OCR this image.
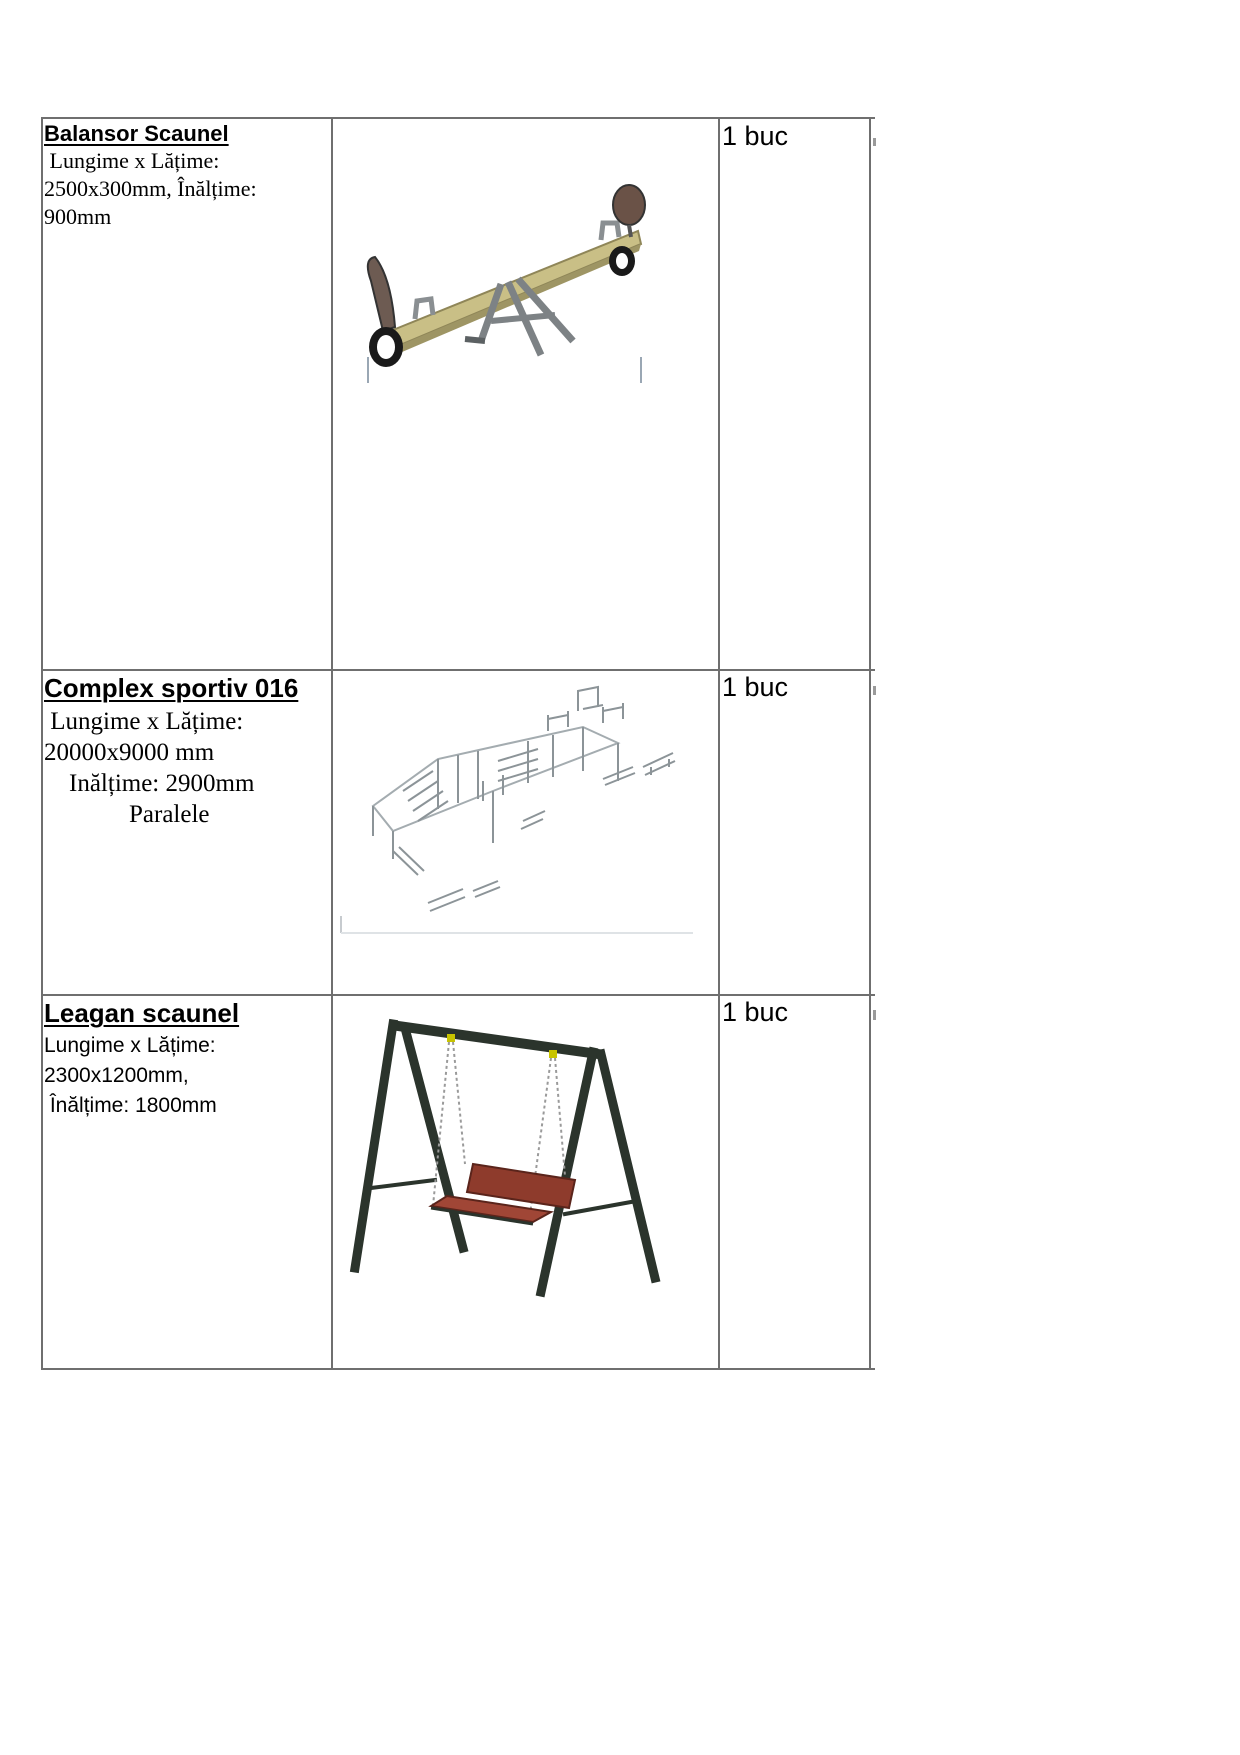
Balansor Scaunel
Lungime x Lățime:
2500x300mm, Înălțime:
900mm
1 buc
Complex sportiv 016
Lungime x Lățime:
20000x9000 mm
Inălțime: 2900mm
Paralele
1 buc
Leagan scaunel
Lungime x Lățime:
2300x1200mm,
Înălțime: 1800mm
1 buc
